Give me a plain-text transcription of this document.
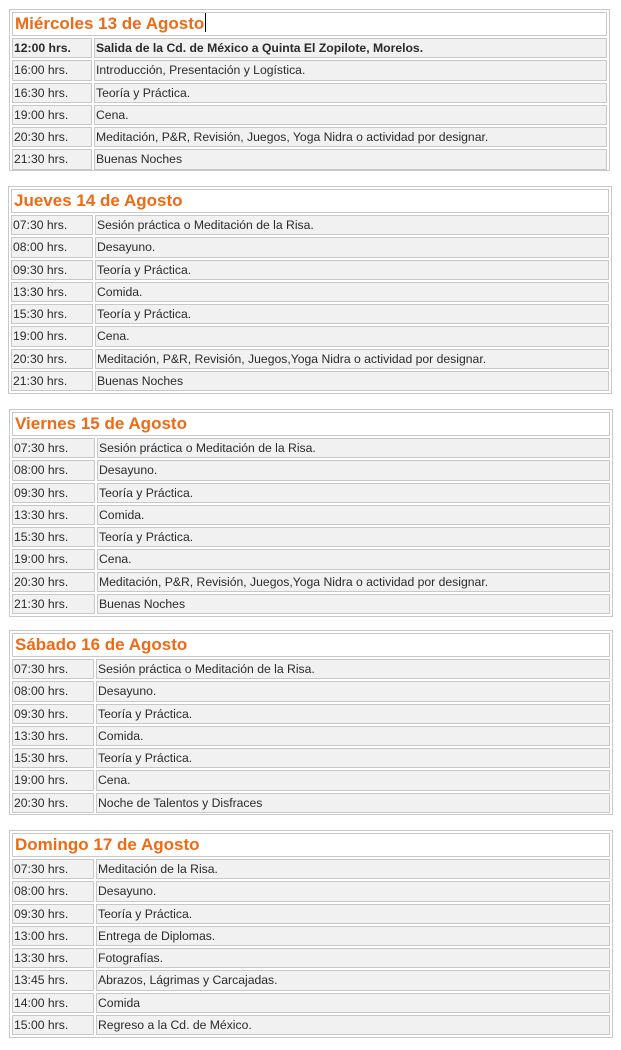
Miércoles 13 de Agosto
12:00 hrs.	Salida de la Cd. de México a Quinta El Zopilote, Morelos.
16:00 hrs.	Introducción, Presentación y Logística.
16:30 hrs.	Teoría y Práctica.
19:00 hrs.	Cena.
20:30 hrs.	Meditación, P&R, Revisión, Juegos, Yoga Nidra o actividad por designar.
21:30 hrs.	Buenas Noches
Jueves 14 de Agosto
07:30 hrs.	Sesión práctica o Meditación de la Risa.
08:00 hrs.	Desayuno.
09:30 hrs.	Teoría y Práctica.
13:30 hrs.	Comida.
15:30 hrs.	Teoría y Práctica.
19:00 hrs.	Cena.
20:30 hrs.	Meditación, P&R, Revisión, Juegos,Yoga Nidra o actividad por designar.
21:30 hrs.	Buenas Noches
Viernes 15 de Agosto
07:30 hrs.	Sesión práctica o Meditación de la Risa.
08:00 hrs.	Desayuno.
09:30 hrs.	Teoría y Práctica.
13:30 hrs.	Comida.
15:30 hrs.	Teoría y Práctica.
19:00 hrs.	Cena.
20:30 hrs.	Meditación, P&R, Revisión, Juegos,Yoga Nidra o actividad por designar.
21:30 hrs.	Buenas Noches
Sábado 16 de Agosto
07:30 hrs.	Sesión práctica o Meditación de la Risa.
08:00 hrs.	Desayuno.
09:30 hrs.	Teoría y Práctica.
13:30 hrs.	Comida.
15:30 hrs.	Teoría y Práctica.
19:00 hrs.	Cena.
20:30 hrs.	Noche de Talentos y Disfraces
Domingo 17 de Agosto
07:30 hrs.	Meditación de la Risa.
08:00 hrs.	Desayuno.
09:30 hrs.	Teoría y Práctica.
13:00 hrs.	Entrega de Diplomas.
13:30 hrs.	Fotografías.
13:45 hrs.	Abrazos, Lágrimas y Carcajadas.
14:00 hrs.	Comida
15:00 hrs.	Regreso a la Cd. de México.
